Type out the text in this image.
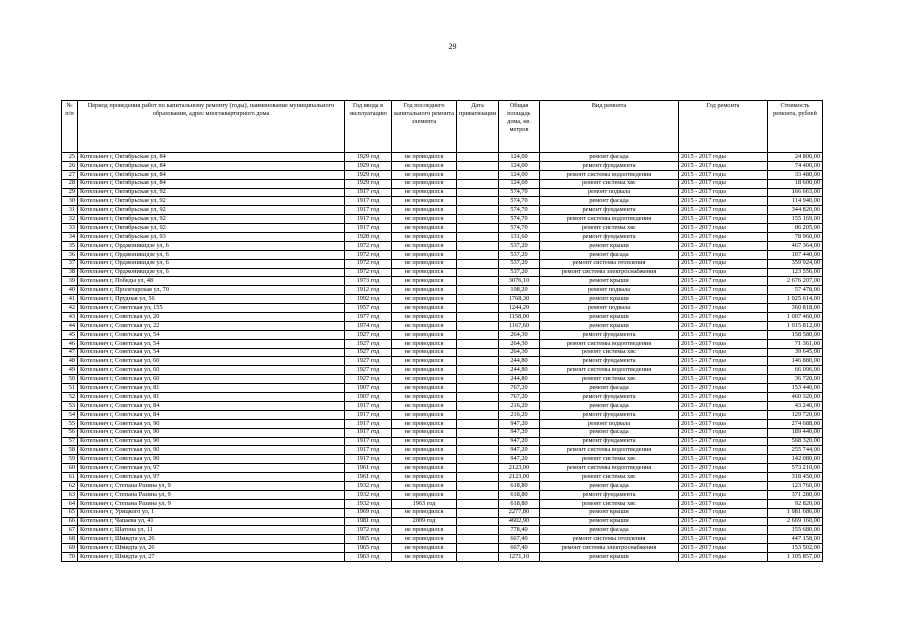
29
№ п/п	Период проведения работ по капитальному ремонту (годы), наименование муниципального образования, адрес многоквартирного дома	Год ввода в эксплуатацию	Год последнего капитального ремонта элемента	Дата приватизации	Общая площадь дома, кв. метров	Вид ремонта	Год ремонта	Стоимость ремонта, рублей
25	Котельнич г, Октябрьская ул, 84	1929 год	не проводился		124,00	ремонт фасада	2015 - 2017 годы	24 800,00
26	Котельнич г, Октябрьская ул, 84	1929 год	не проводился		124,00	ремонт фундамента	2015 - 2017 годы	74 400,00
27	Котельнич г, Октябрьская ул, 84	1929 год	не проводился		124,00	ремонт системы водоотведения	2015 - 2017 годы	33 480,00
28	Котельнич г, Октябрьская ул, 84	1929 год	не проводился		124,00	ремонт системы хвс	2015 - 2017 годы	18 600,00
29	Котельнич г, Октябрьская ул, 92	1917 год	не проводился		574,70	ремонт подвала	2015 - 2017 годы	166 663,00
30	Котельнич г, Октябрьская ул, 92	1917 год	не проводился		574,70	ремонт фасада	2015 - 2017 годы	114 940,00
31	Котельнич г, Октябрьская ул, 92	1917 год	не проводился		574,70	ремонт фундамента	2015 - 2017 годы	344 820,00
32	Котельнич г, Октябрьская ул, 92	1917 год	не проводился		574,70	ремонт системы водоотведения	2015 - 2017 годы	155 169,00
33	Котельнич г, Октябрьская ул, 92	1917 год	не проводился		574,70	ремонт системы хвс	2015 - 2017 годы	86 205,00
34	Котельнич г, Октябрьская ул, 93	1928 год	не проводился		131,60	ремонт фундамента	2015 - 2017 годы	78 960,00
35	Котельнич г, Орджоникидзе ул, 6	1972 год	не проводился		537,20	ремонт крыши	2015 - 2017 годы	467 364,00
36	Котельнич г, Орджоникидзе ул, 6	1972 год	не проводился		537,20	ремонт фасада	2015 - 2017 годы	107 440,00
37	Котельнич г, Орджоникидзе ул, 6	1972 год	не проводился		537,20	ремонт системы отопления	2015 - 2017 годы	359 924,00
38	Котельнич г, Орджоникидзе ул, 6	1972 год	не проводился		537,20	ремонт системы электроснабжения	2015 - 2017 годы	123 556,00
39	Котельнич г, Победы ул, 48	1973 год	не проводился		3076,10	ремонт крыши	2015 - 2017 годы	2 676 207,00
40	Котельнич г, Пролетарская ул, 70	1912 год	не проводился		198,20	ремонт подвала	2015 - 2017 годы	57 478,00
41	Котельнич г, Прудная ул, 56	1992 год	не проводился		1768,30	ремонт крыши	2015 - 2017 годы	1 025 614,00
42	Котельнич г, Советская ул, 155	1957 год	не проводился		1244,20	ремонт подвала	2015 - 2017 годы	360 818,00
43	Котельнич г, Советская ул, 20	1977 год	не проводился		1158,00	ремонт крыши	2015 - 2017 годы	1 007 460,00
44	Котельнич г, Советская ул, 22	1974 год	не проводился		1167,60	ремонт крыши	2015 - 2017 годы	1 015 812,00
45	Котельнич г, Советская ул, 54	1927 год	не проводился		264,30	ремонт фундамента	2015 - 2017 годы	158 580,00
46	Котельнич г, Советская ул, 54	1927 год	не проводился		264,30	ремонт системы водоотведения	2015 - 2017 годы	71 361,00
47	Котельнич г, Советская ул, 54	1927 год	не проводился		264,30	ремонт системы хвс	2015 - 2017 годы	39 645,00
48	Котельнич г, Советская ул, 60	1927 год	не проводился		244,80	ремонт фундамента	2015 - 2017 годы	146 880,00
49	Котельнич г, Советская ул, 60	1927 год	не проводился		244,80	ремонт системы водоотведения	2015 - 2017 годы	66 096,00
50	Котельнич г, Советская ул, 60	1927 год	не проводился		244,80	ремонт системы хвс	2015 - 2017 годы	36 720,00
51	Котельнич г, Советская ул, 81	1907 год	не проводился		767,20	ремонт фасада	2015 - 2017 годы	153 440,00
52	Котельнич г, Советская ул, 81	1907 год	не проводился		767,20	ремонт фундамента	2015 - 2017 годы	460 320,00
53	Котельнич г, Советская ул, 84	1917 год	не проводился		216,20	ремонт фасада	2015 - 2017 годы	43 240,00
54	Котельнич г, Советская ул, 84	1917 год	не проводился		216,20	ремонт фундамента	2015 - 2017 годы	129 720,00
55	Котельнич г, Советская ул, 90	1917 год	не проводился		947,20	ремонт подвала	2015 - 2017 годы	274 688,00
56	Котельнич г, Советская ул, 90	1917 год	не проводился		947,20	ремонт фасада	2015 - 2017 годы	189 440,00
57	Котельнич г, Советская ул, 90	1917 год	не проводился		947,20	ремонт фундамента	2015 - 2017 годы	568 320,00
58	Котельнич г, Советская ул, 90	1917 год	не проводился		947,20	ремонт системы водоотведения	2015 - 2017 годы	255 744,00
59	Котельнич г, Советская ул, 90	1917 год	не проводился		947,20	ремонт системы хвс	2015 - 2017 годы	142 080,00
60	Котельнич г, Советская ул, 97	1961 год	не проводился		2123,00	ремонт системы водоотведения	2015 - 2017 годы	573 210,00
61	Котельнич г, Советская ул, 97	1961 год	не проводился		2123,00	ремонт системы хвс	2015 - 2017 годы	318 450,00
62	Котельнич г, Степана Разина ул, 9	1932 год	не проводился		618,80	ремонт фасада	2015 - 2017 годы	123 760,00
63	Котельнич г, Степана Разина ул, 9	1932 год	не проводился		618,80	ремонт фундамента	2015 - 2017 годы	371 280,00
64	Котельнич г, Степана Разина ул, 9	1932 год	1963 год		618,80	ремонт системы хвс	2015 - 2017 годы	92 820,00
65	Котельнич г, Урицкого ул, 1	1969 год	не проводился		2277,80	ремонт крыши	2015 - 2017 годы	1 981 686,00
66	Котельнич г, Чапаева ул, 41	1981 год	2009 год		4602,90	ремонт крыши	2015 - 2017 годы	2 669 160,00
67	Котельнич г, Шатона ул, 11	1972 год	не проводился		778,40	ремонт фасада	2015 - 2017 годы	155 680,00
68	Котельнич г, Шмидта ул, 26	1965 год	не проводился		667,40	ремонт системы отопления	2015 - 2017 годы	447 158,00
69	Котельнич г, Шмидта ул, 26	1965 год	не проводился		667,40	ремонт системы электроснабжения	2015 - 2017 годы	153 502,00
70	Котельнич г, Шмидта ул, 27	1963 год	не проводился		1271,10	ремонт крыши	2015 - 2017 годы	1 105 857,00
